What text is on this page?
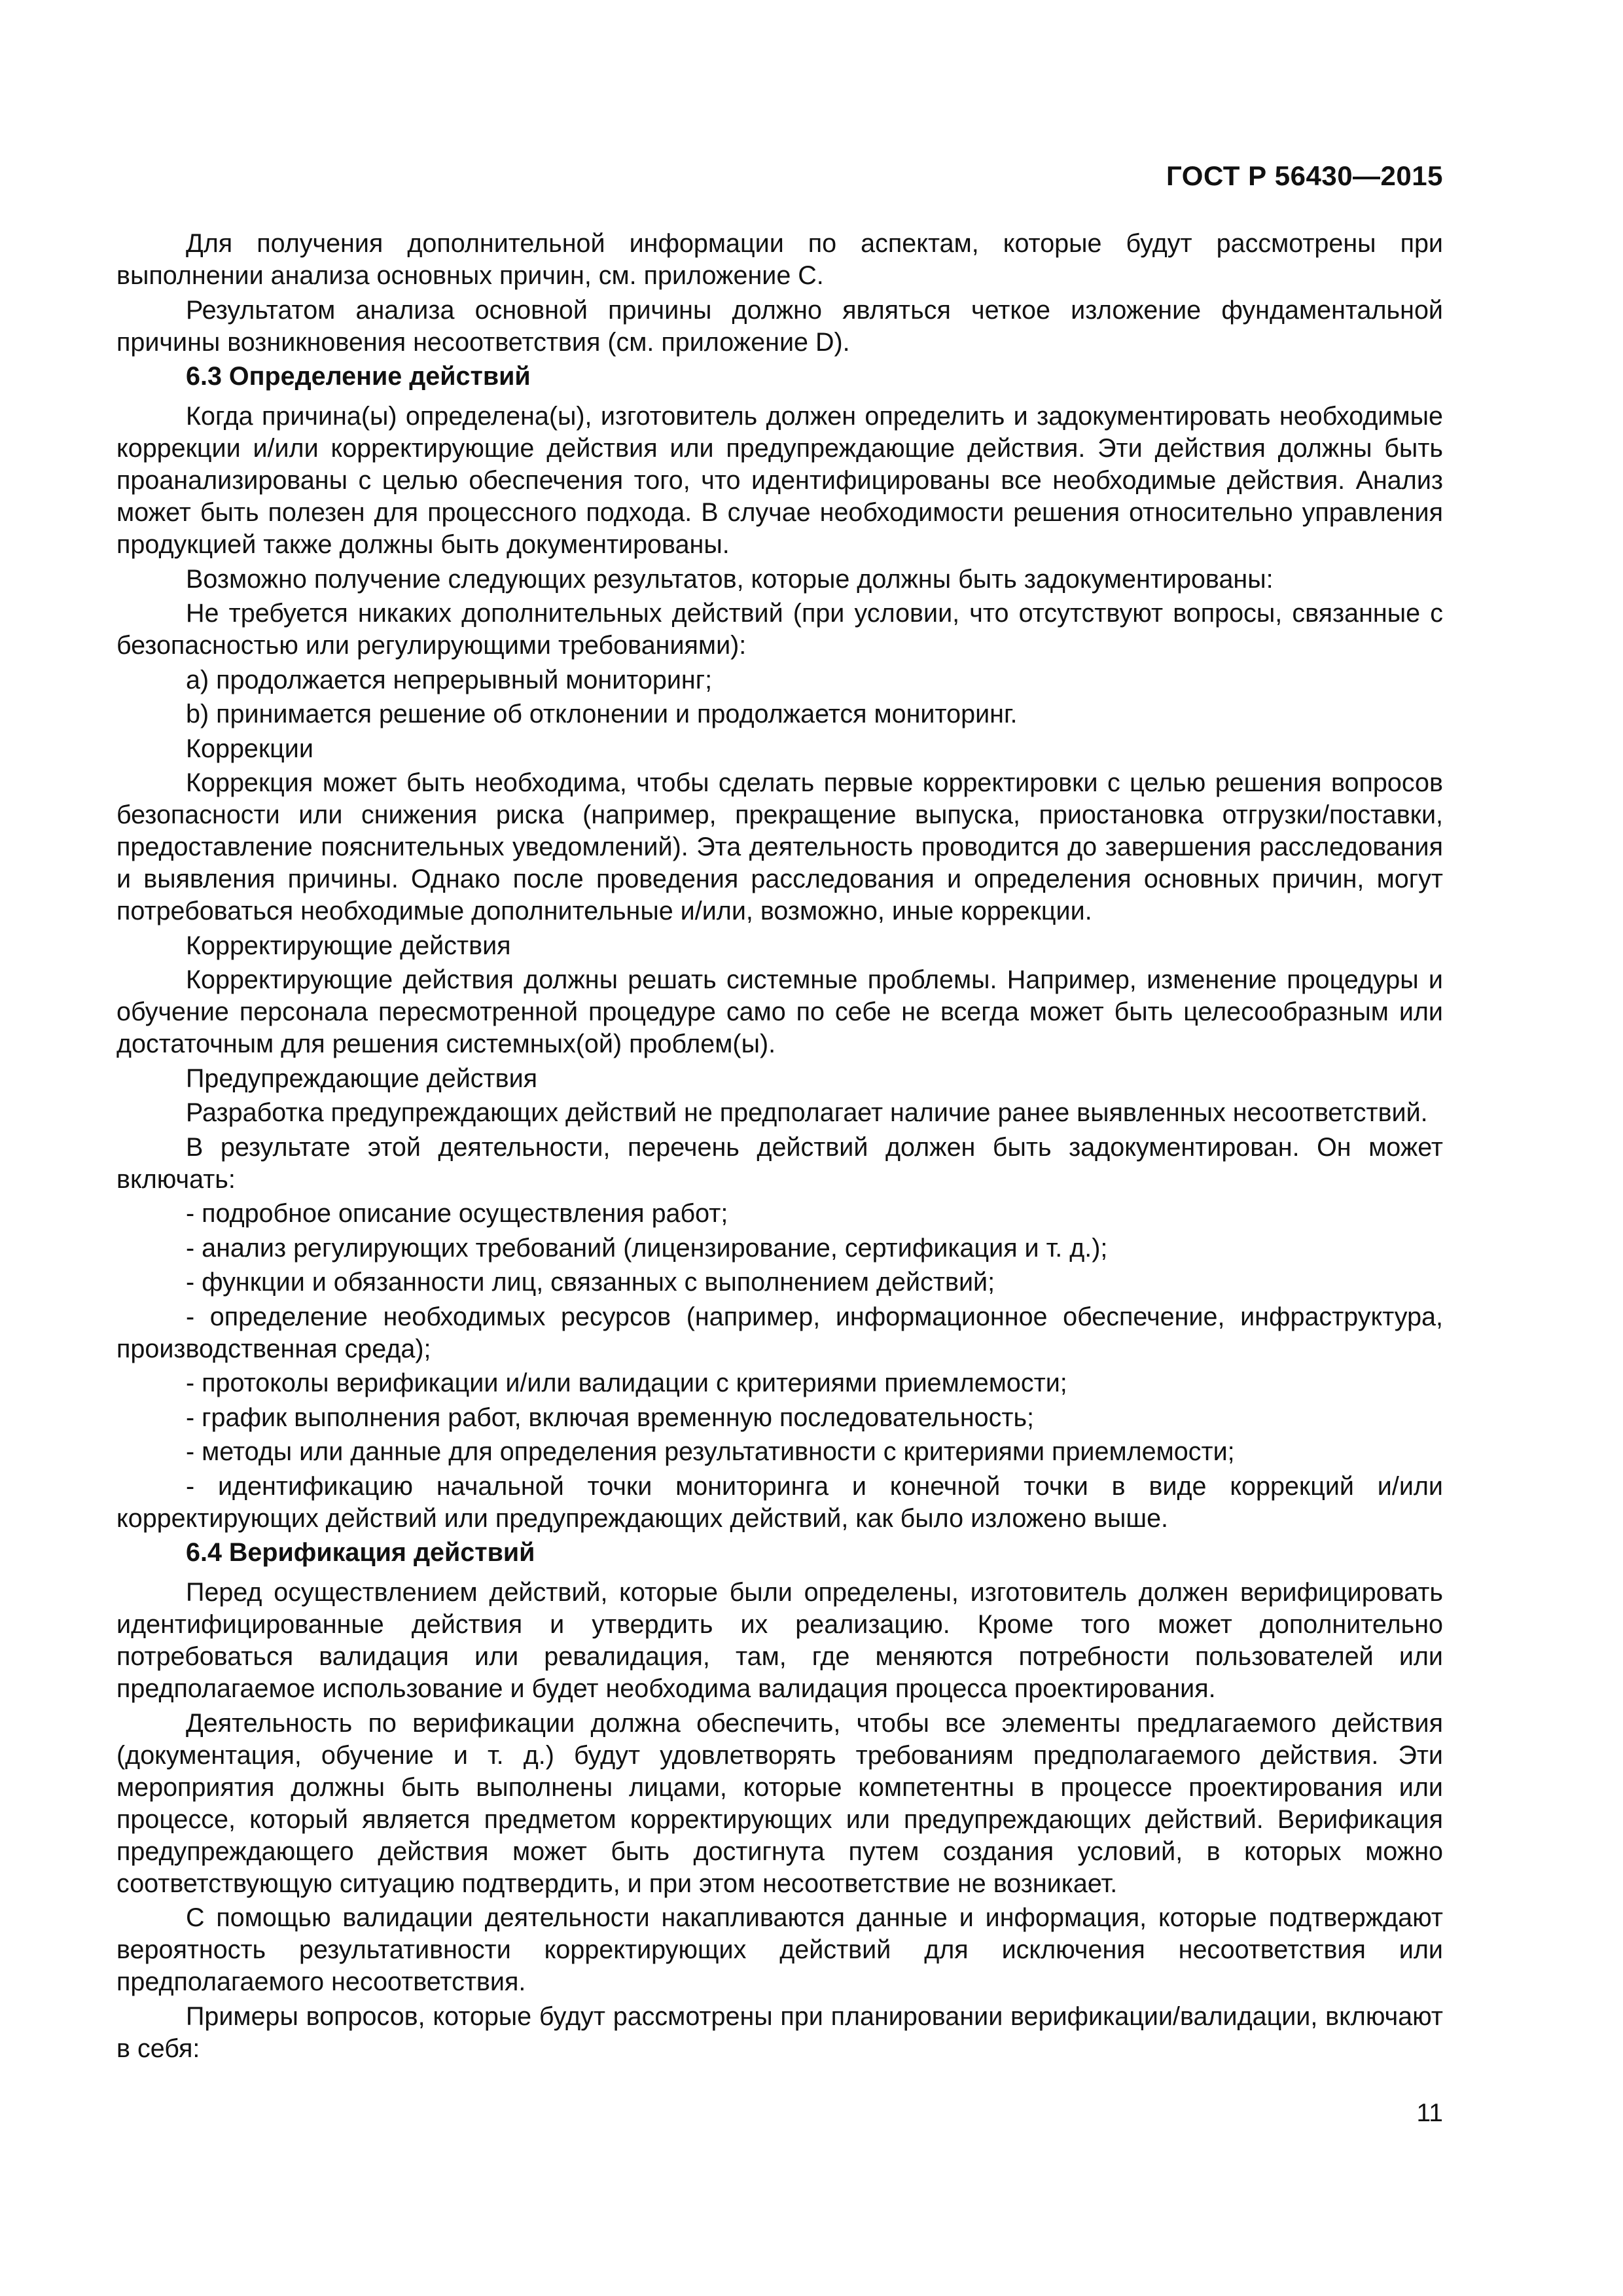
ГОСТ Р 56430—2015

Для получения дополнительной информации по аспектам, которые будут рассмотрены при выполнении анализа основных причин, см. приложение С.

Результатом анализа основной причины должно являться четкое изложение фундаментальной причины возникновения несоответствия (см. приложение D).

6.3 Определение действий

Когда причина(ы) определена(ы), изготовитель должен определить и задокументировать необходимые коррекции и/или корректирующие действия или предупреждающие действия. Эти действия должны быть проанализированы с целью обеспечения того, что идентифицированы все необходимые действия. Анализ может быть полезен для процессного подхода. В случае необходимости решения относительно управления продукцией также должны быть документированы.

Возможно получение следующих результатов, которые должны быть задокументированы:

Не требуется никаких дополнительных действий (при условии, что отсутствуют вопросы, связанные с безопасностью или регулирующими требованиями):

a) продолжается непрерывный мониторинг;

b) принимается решение об отклонении и продолжается мониторинг.

Коррекции

Коррекция может быть необходима, чтобы сделать первые корректировки с целью решения вопросов безопасности или снижения риска (например, прекращение выпуска, приостановка отгрузки/поставки, предоставление пояснительных уведомлений). Эта деятельность проводится до завершения расследования и выявления причины. Однако после проведения расследования и определения основных причин, могут потребоваться необходимые дополнительные и/или, возможно, иные коррекции.

Корректирующие действия

Корректирующие действия должны решать системные проблемы. Например, изменение процедуры и обучение персонала пересмотренной процедуре само по себе не всегда может быть целесообразным или достаточным для решения системных(ой) проблем(ы).

Предупреждающие действия

Разработка предупреждающих действий не предполагает наличие ранее выявленных несоответствий.

В результате этой деятельности, перечень действий должен быть задокументирован. Он может включать:

- подробное описание осуществления работ;

- анализ регулирующих требований (лицензирование, сертификация и т. д.);

- функции и обязанности лиц, связанных с выполнением действий;

- определение необходимых ресурсов (например, информационное обеспечение, инфраструктура, производственная среда);

- протоколы верификации и/или валидации с критериями приемлемости;

- график выполнения работ, включая временную последовательность;

- методы или данные для определения результативности с критериями приемлемости;

- идентификацию начальной точки мониторинга и конечной точки в виде коррекций и/или корректирующих действий или предупреждающих действий, как было изложено выше.

6.4 Верификация действий

Перед осуществлением действий, которые были определены, изготовитель должен верифицировать идентифицированные действия и утвердить их реализацию. Кроме того может дополнительно потребоваться валидация или ревалидация, там, где меняются потребности пользователей или предполагаемое использование и будет необходима валидация процесса проектирования.

Деятельность по верификации должна обеспечить, чтобы все элементы предлагаемого действия (документация, обучение и т. д.) будут удовлетворять требованиям предполагаемого действия. Эти мероприятия должны быть выполнены лицами, которые компетентны в процессе проектирования или процессе, который является предметом корректирующих или предупреждающих действий. Верификация предупреждающего действия может быть достигнута путем создания условий, в которых можно соответствующую ситуацию подтвердить, и при этом несоответствие не возникает.

С помощью валидации деятельности накапливаются данные и информация, которые подтверждают вероятность результативности корректирующих действий для исключения несоответствия или предполагаемого несоответствия.

Примеры вопросов, которые будут рассмотрены при планировании верификации/валидации, включают в себя:

11
